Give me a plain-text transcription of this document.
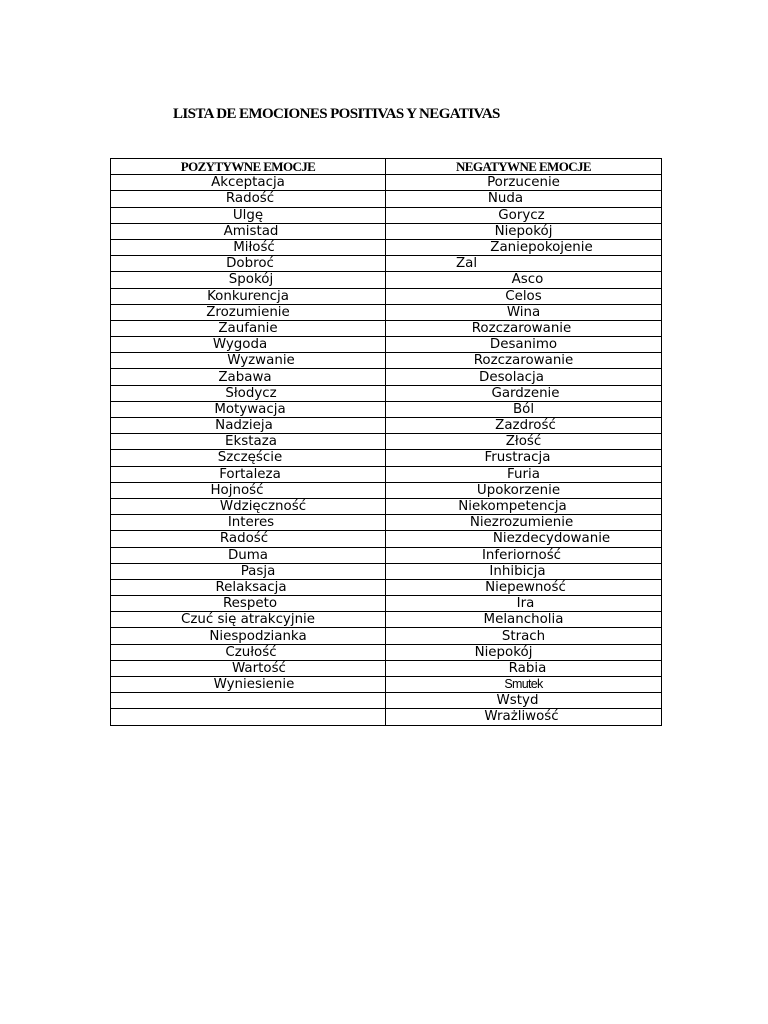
LISTA DE EMOCIONES POSITIVAS Y NEGATIVAS
POZYTYWNE EMOCJE	NEGATYWNE EMOCJE
Akceptacja	Porzucenie
Radość	Nuda
Ulgę	Gorycz
Amistad	Niepokój
Miłość	Zaniepokojenie
Dobroć	Zal
Spokój	Asco
Konkurencja	Celos
Zrozumienie	Wina
Zaufanie	Rozczarowanie
Wygoda	Desanimo
Wyzwanie	Rozczarowanie
Zabawa	Desolacja
Słodycz	Gardzenie
Motywacja	Ból
Nadzieja	Zazdrość
Ekstaza	Złość
Szczęście	Frustracja
Fortaleza	Furia
Hojność	Upokorzenie
Wdzięczność	Niekompetencja
Interes	Niezrozumienie
Radość	Niezdecydowanie
Duma	Inferiorność
Pasja	Inhibicja
Relaksacja	Niepewność
Respeto	Ira
Czuć się atrakcyjnie	Melancholia
Niespodzianka	Strach
Czułość	Niepokój
Wartość	Rabia
Wyniesienie	Smutek
	Wstyd
	Wrażliwość
